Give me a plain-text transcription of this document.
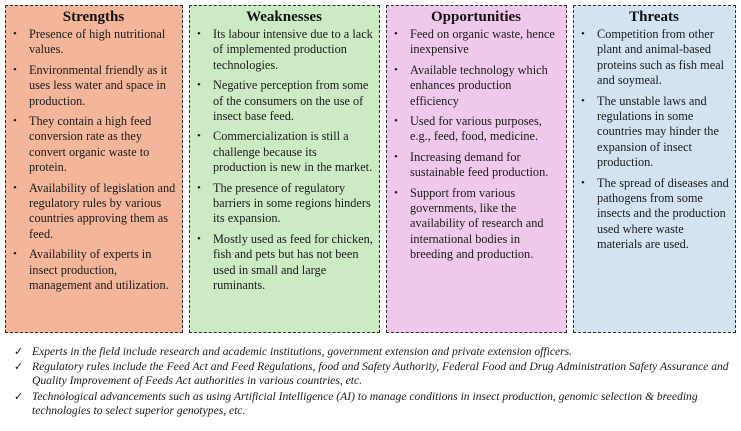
Strengths
• Presence of high nutritional values.
• Environmental friendly as it uses less water and space in production.
• They contain a high feed conversion rate as they convert organic waste to protein.
• Availability of legislation and regulatory rules by various countries approving them as feed.
• Availability of experts in insect production, management and utilization.
Weaknesses
• Its labour intensive due to a lack of implemented production technologies.
• Negative perception from some of the consumers on the use of insect base feed.
• Commercialization is still a challenge because its production is new in the market.
• The presence of regulatory barriers in some regions hinders its expansion.
• Mostly used as feed for chicken, fish and pets but has not been used in small and large ruminants.
Opportunities
• Feed on organic waste, hence inexpensive
• Available technology which enhances production efficiency
• Used for various purposes, e.g., feed, food, medicine.
• Increasing demand for sustainable feed production.
• Support from various governments, like the availability of research and international bodies in breeding and production.
Threats
• Competition from other plant and animal-based proteins such as fish meal and soymeal.
• The unstable laws and regulations in some countries may hinder the expansion of insect production.
• The spread of diseases and pathogens from some insects and the production used where waste materials are used.
✓ Experts in the field include research and academic institutions, government extension and private extension officers.
✓ Regulatory rules include the Feed Act and Feed Regulations, food and Safety Authority, Federal Food and Drug Administration Safety Assurance and Quality Improvement of Feeds Act authorities in various countries, etc.
✓ Technological advancements such as using Artificial Intelligence (AI) to manage conditions in insect production, genomic selection & breeding technologies to select superior genotypes, etc.
